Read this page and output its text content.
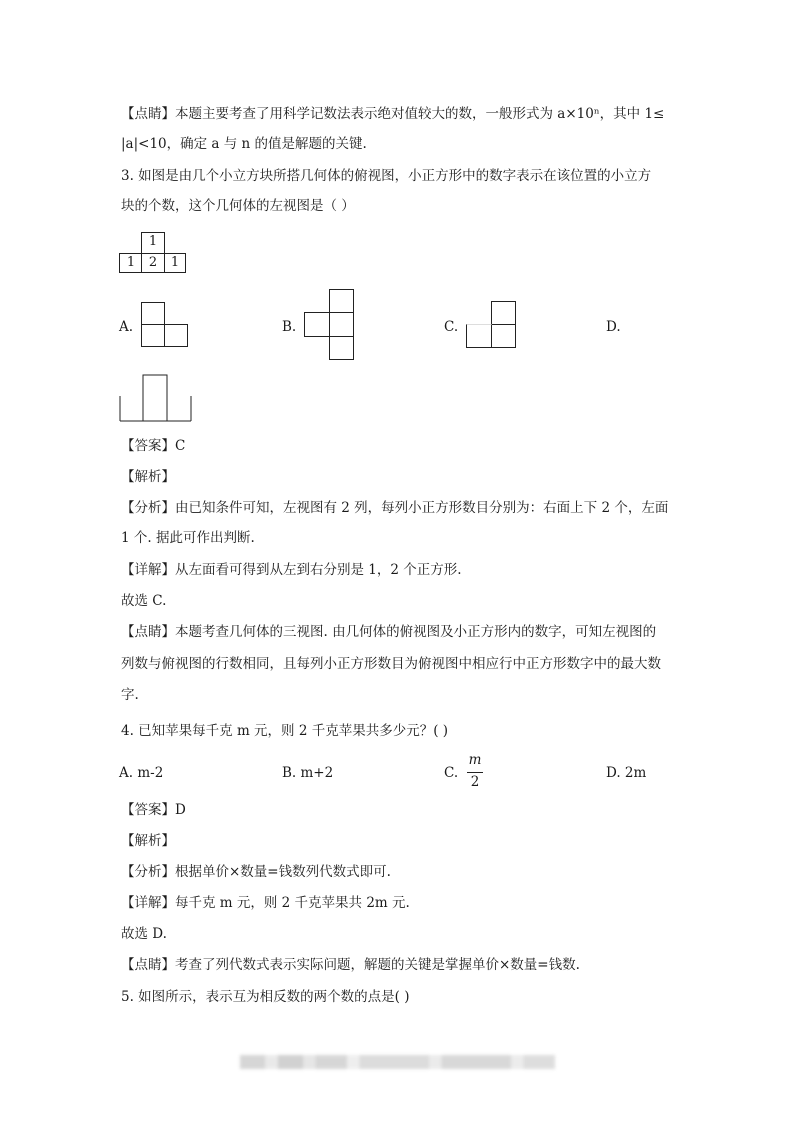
【点睛】本题主要考查了用科学记数法表示绝对值较大的数，一般形式为 a×10ⁿ，其中 1≤
|a|<10，确定 a 与 n 的值是解题的关键.
3. 如图是由几个小立方块所搭几何体的俯视图，小正方形中的数字表示在该位置的小立方
块的个数，这个几何体的左视图是（ ）
1
1	2	1
A.	B.	C.	D.
【答案】C
【解析】
【分析】由已知条件可知，左视图有 2 列，每列小正方形数目分别为：右面上下 2 个，左面
1 个. 据此可作出判断.
【详解】从左面看可得到从左到右分别是 1，2 个正方形.
故选 C.
【点睛】本题考查几何体的三视图. 由几何体的俯视图及小正方形内的数字，可知左视图的
列数与俯视图的行数相同，且每列小正方形数目为俯视图中相应行中正方形数字中的最大数
字.
4. 已知苹果每千克 m 元，则 2 千克苹果共多少元？( )
A. m-2	B. m+2	C.
m
2
D. 2m
【答案】D
【解析】
【分析】根据单价×数量=钱数列代数式即可.
【详解】每千克 m 元，则 2 千克苹果共 2m 元.
故选 D.
【点睛】考查了列代数式表示实际问题，解题的关键是掌握单价×数量=钱数.
5. 如图所示，表示互为相反数的两个数的点是( )
